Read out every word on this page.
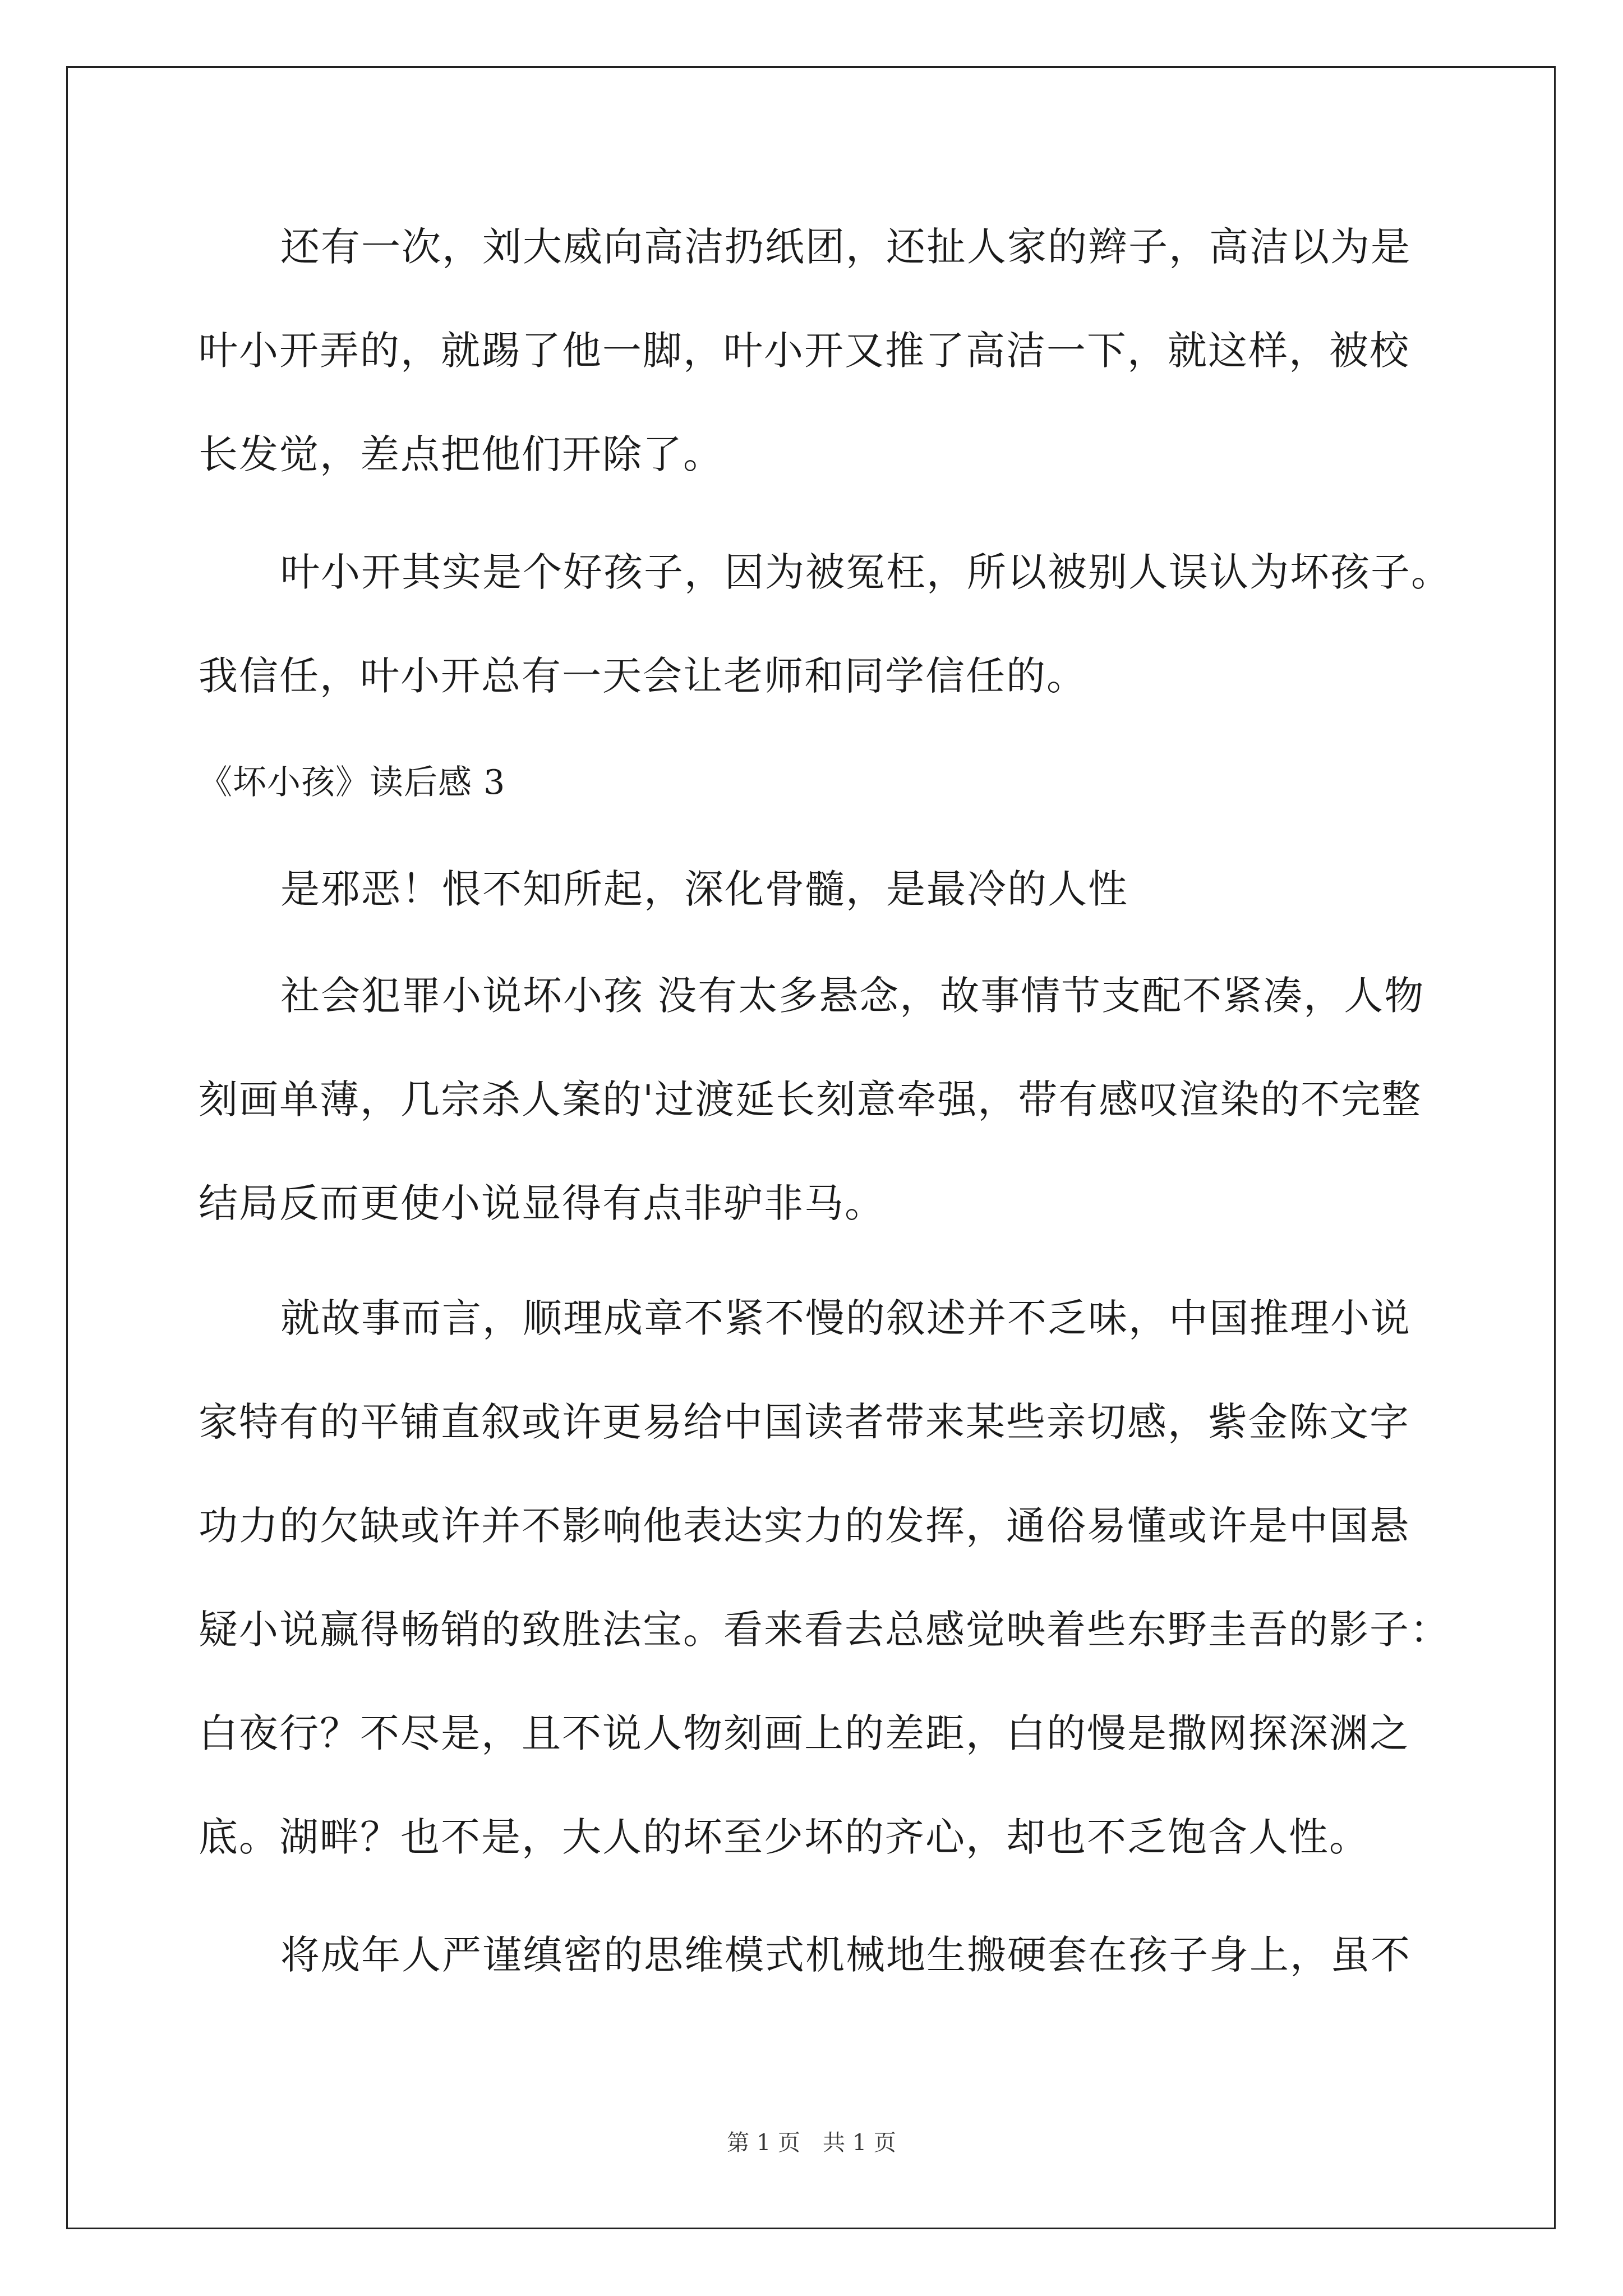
还有一次，刘大威向高洁扔纸团，还扯人家的辫子，高洁以为是
叶小开弄的，就踢了他一脚，叶小开又推了高洁一下，就这样，被校
长发觉，差点把他们开除了。
叶小开其实是个好孩子，因为被冤枉，所以被别人误认为坏孩子。
我信任，叶小开总有一天会让老师和同学信任的。
《坏小孩》读后感 3
是邪恶！恨不知所起，深化骨髓，是最冷的人性
社会犯罪小说坏小孩 没有太多悬念，故事情节支配不紧凑，人物
刻画单薄，几宗杀人案的'过渡延长刻意牵强，带有感叹渲染的不完整
结局反而更使小说显得有点非驴非马。
就故事而言，顺理成章不紧不慢的叙述并不乏味，中国推理小说
家特有的平铺直叙或许更易给中国读者带来某些亲切感，紫金陈文字
功力的欠缺或许并不影响他表达实力的发挥，通俗易懂或许是中国悬
疑小说赢得畅销的致胜法宝。看来看去总感觉映着些东野圭吾的影子：
白夜行？不尽是，且不说人物刻画上的差距，白的慢是撒网探深渊之
底。湖畔？也不是，大人的坏至少坏的齐心，却也不乏饱含人性。
将成年人严谨缜密的思维模式机械地生搬硬套在孩子身上，虽不
第 1 页 共 1 页
